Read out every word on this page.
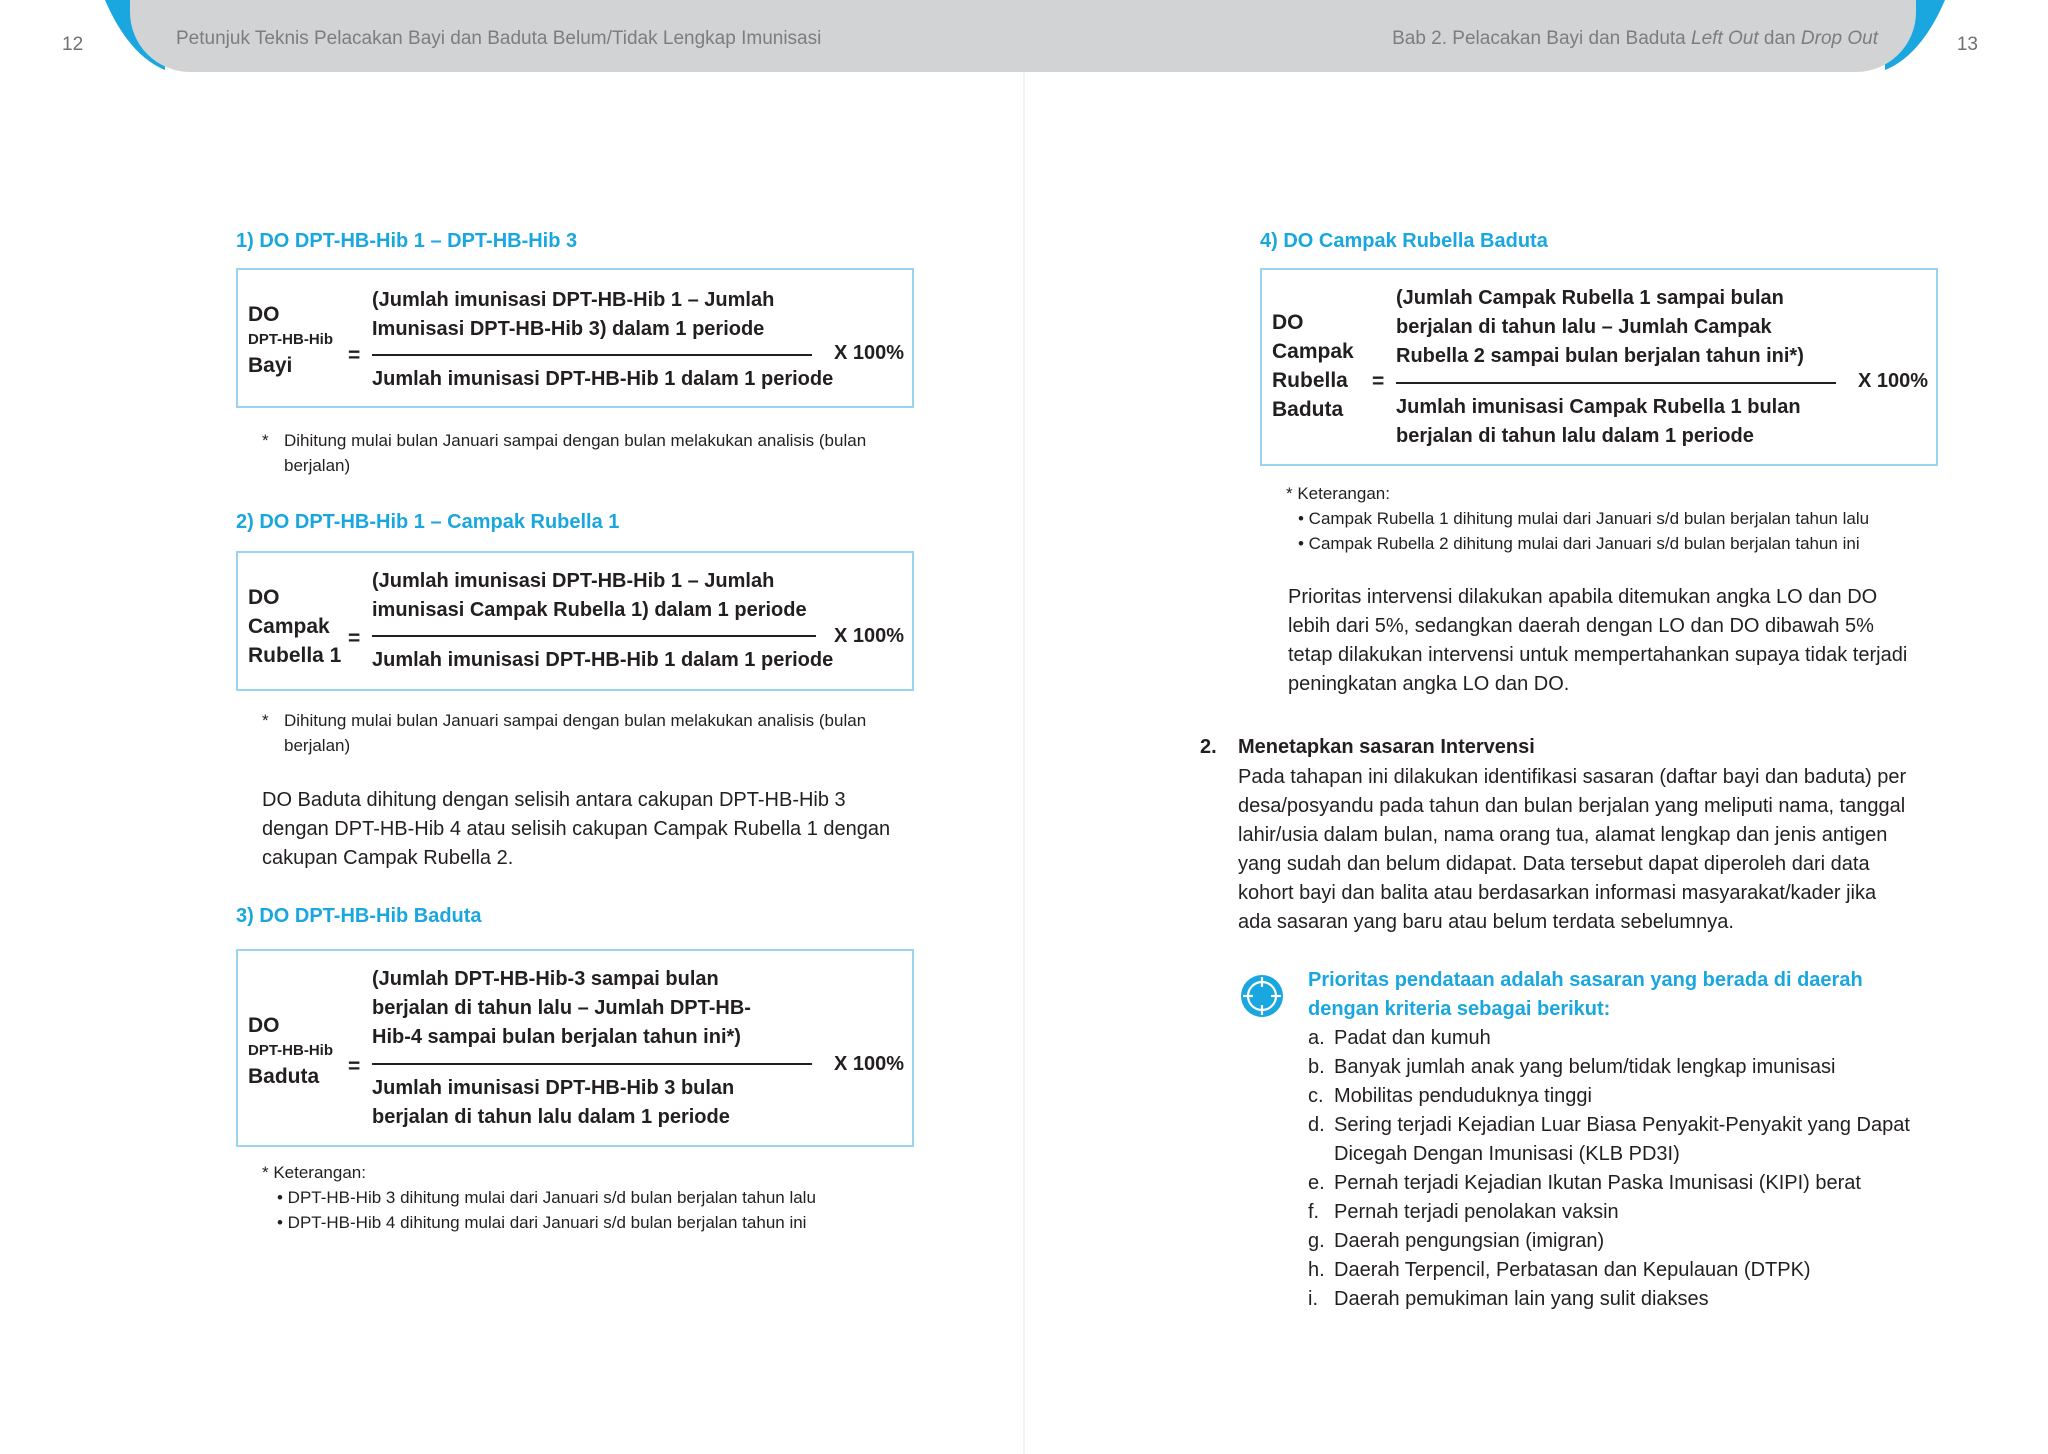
12	Petunjuk Teknis Pelacakan Bayi dan Baduta Belum/Tidak Lengkap Imunisasi	Bab 2. Pelacakan Bayi dan Baduta Left Out dan Drop Out	13
1) DO DPT-HB-Hib 1 – DPT-HB-Hib 3
DO
DPT-HB-Hib
Bayi	=
(Jumlah imunisasi DPT-HB-Hib 1 – Jumlah
Imunisasi DPT-HB-Hib 3) dalam 1 periode
Jumlah imunisasi DPT-HB-Hib 1 dalam 1 periode
X 100%
* Dihitung mulai bulan Januari sampai dengan bulan melakukan analisis (bulan
berjalan)
2) DO DPT-HB-Hib 1 – Campak Rubella 1
DO
Campak
Rubella 1
=
(Jumlah imunisasi DPT-HB-Hib 1 – Jumlah
imunisasi Campak Rubella 1) dalam 1 periode
Jumlah imunisasi DPT-HB-Hib 1 dalam 1 periode
X 100%
* Dihitung mulai bulan Januari sampai dengan bulan melakukan analisis (bulan
berjalan)
DO Baduta dihitung dengan selisih antara cakupan DPT-HB-Hib 3
dengan DPT-HB-Hib 4 atau selisih cakupan Campak Rubella 1 dengan
cakupan Campak Rubella 2.
3) DO DPT-HB-Hib Baduta
DO
DPT-HB-Hib
Baduta	=
(Jumlah DPT-HB-Hib-3 sampai bulan
berjalan di tahun lalu – Jumlah DPT-HB-
Hib-4 sampai bulan berjalan tahun ini*)
Jumlah imunisasi DPT-HB-Hib 3 bulan
berjalan di tahun lalu dalam 1 periode
X 100%
* Keterangan:
• DPT-HB-Hib 3 dihitung mulai dari Januari s/d bulan berjalan tahun lalu
• DPT-HB-Hib 4 dihitung mulai dari Januari s/d bulan berjalan tahun ini
4) DO Campak Rubella Baduta
DO
Campak
Rubella
Baduta
=
(Jumlah Campak Rubella 1 sampai bulan
berjalan di tahun lalu – Jumlah Campak
Rubella 2 sampai bulan berjalan tahun ini*)
Jumlah imunisasi Campak Rubella 1 bulan
berjalan di tahun lalu dalam 1 periode
X 100%
* Keterangan:
• Campak Rubella 1 dihitung mulai dari Januari s/d bulan berjalan tahun lalu
• Campak Rubella 2 dihitung mulai dari Januari s/d bulan berjalan tahun ini
Prioritas intervensi dilakukan apabila ditemukan angka LO dan DO
lebih dari 5%, sedangkan daerah dengan LO dan DO dibawah 5%
tetap dilakukan intervensi untuk mempertahankan supaya tidak terjadi
peningkatan angka LO dan DO.
2. Menetapkan sasaran Intervensi
Pada tahapan ini dilakukan identifikasi sasaran (daftar bayi dan baduta) per
desa/posyandu pada tahun dan bulan berjalan yang meliputi nama, tanggal
lahir/usia dalam bulan, nama orang tua, alamat lengkap dan jenis antigen
yang sudah dan belum didapat. Data tersebut dapat diperoleh dari data
kohort bayi dan balita atau berdasarkan informasi masyarakat/kader jika
ada sasaran yang baru atau belum terdata sebelumnya.
Prioritas pendataan adalah sasaran yang berada di daerah
dengan kriteria sebagai berikut:
a. Padat dan kumuh
b. Banyak jumlah anak yang belum/tidak lengkap imunisasi
c. Mobilitas penduduknya tinggi
d. Sering terjadi Kejadian Luar Biasa Penyakit-Penyakit yang Dapat
Dicegah Dengan Imunisasi (KLB PD3I)
e. Pernah terjadi Kejadian Ikutan Paska Imunisasi (KIPI) berat
f. Pernah terjadi penolakan vaksin
g. Daerah pengungsian (imigran)
h. Daerah Terpencil, Perbatasan dan Kepulauan (DTPK)
i. Daerah pemukiman lain yang sulit diakses
